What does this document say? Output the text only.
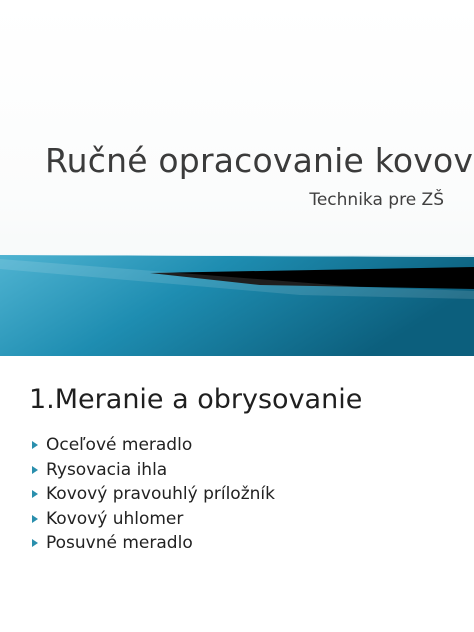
Ručné opracovanie kovov

Technika pre ZŠ

1.Meranie a obrysovanie
Oceľové meradlo
Rysovacia ihla
Kovový pravouhlý príložník
Kovový uhlomer
Posuvné meradlo
